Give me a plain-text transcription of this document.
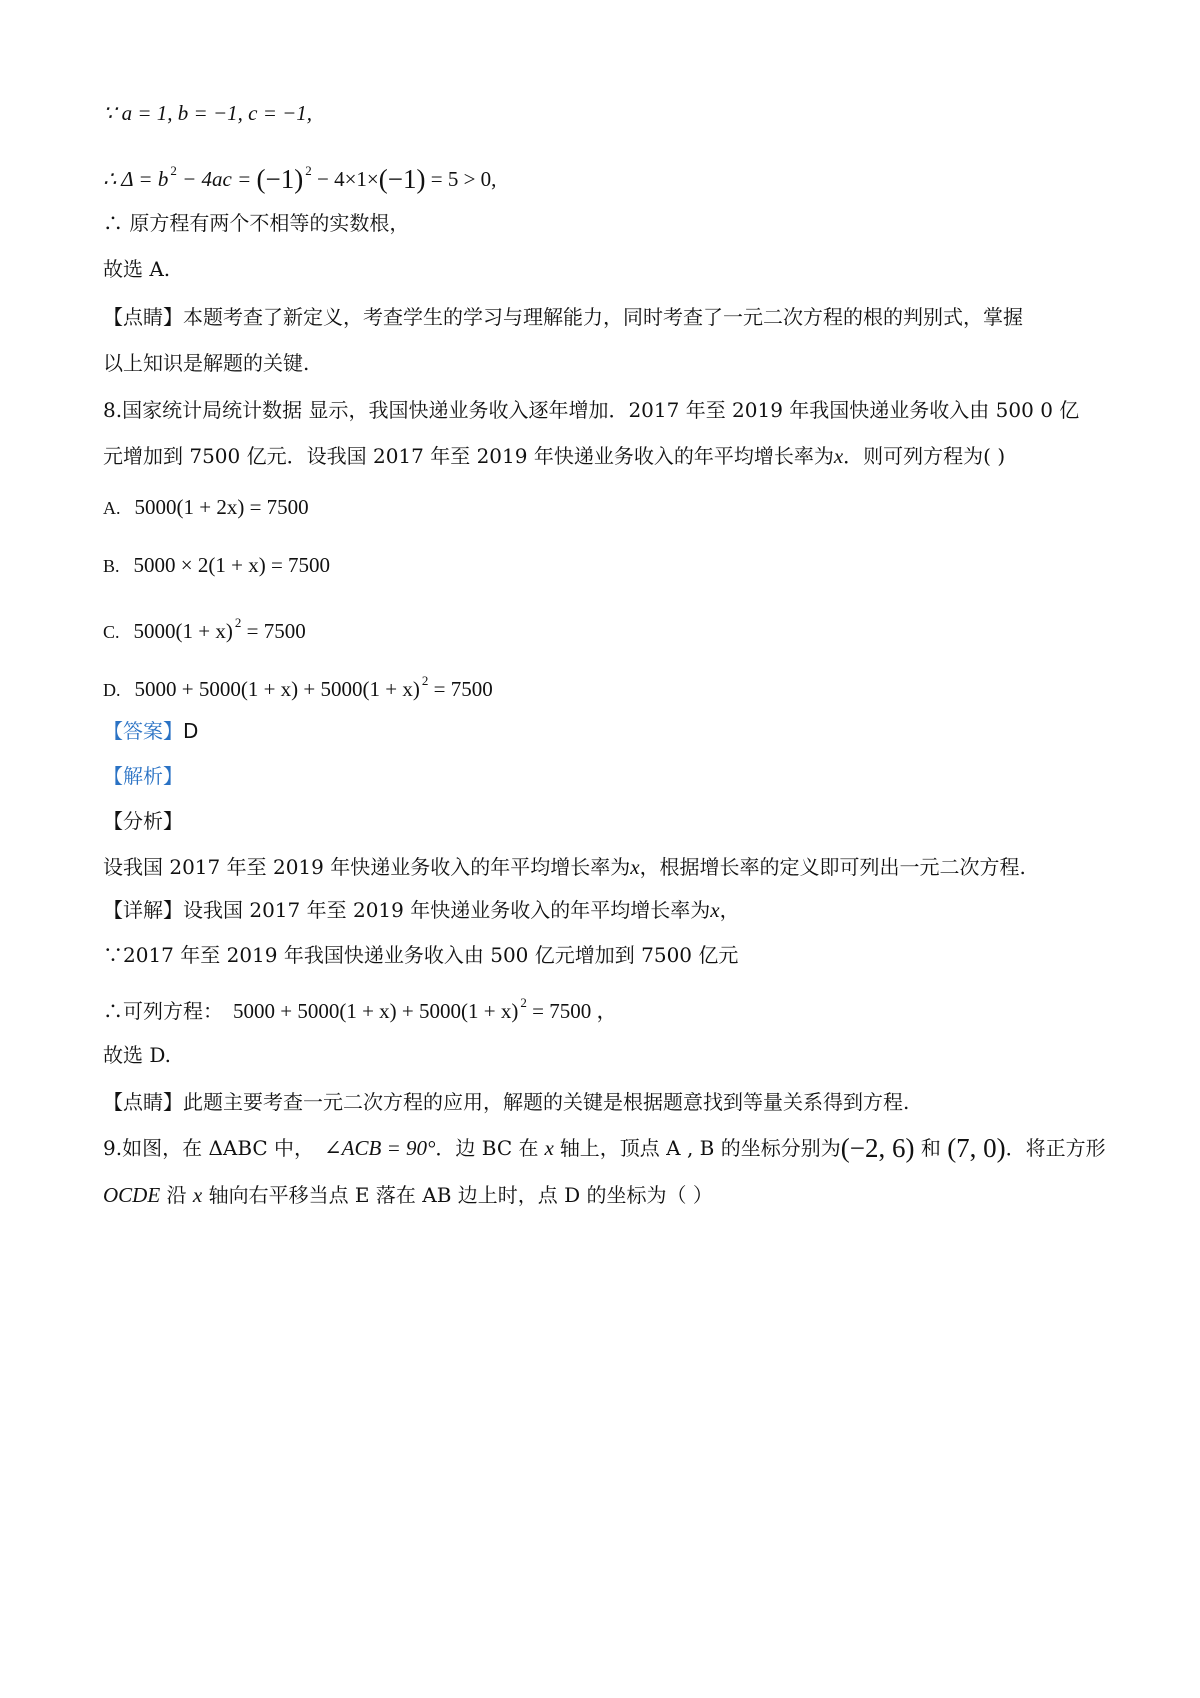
∵ a = 1, b = −1, c = −1,
∴ Δ = b $^2$ − 4ac = (−1) $^2$ − 4×1×(−1) = 5 > 0,
∴ 原方程有两个不相等的实数根，
故选 A.
【点睛】本题考查了新定义，考查学生的学习与理解能力，同时考查了一元二次方程的根的判别式，掌握
以上知识是解题的关键.
8.国家统计局统计数据 显示，我国快递业务收入逐年增加．2017 年至 2019 年我国快递业务收入由 500 0 亿
元增加到 7500 亿元．设我国 2017 年至 2019 年快递业务收入的年平均增长率为x．则可列方程为( )
A. 5000(1 + 2x) = 7500
B. 5000 × 2(1 + x) = 7500
C. 5000(1 + x) $^2$ = 7500
D. 5000 + 5000(1 + x) + 5000(1 + x) $^2$ = 7500
【答案】D
【解析】
【分析】
设我国 2017 年至 2019 年快递业务收入的年平均增长率为x，根据增长率的定义即可列出一元二次方程.
【详解】设我国 2017 年至 2019 年快递业务收入的年平均增长率为x，
∵2017 年至 2019 年我国快递业务收入由 500 亿元增加到 7500 亿元
∴可列方程： 5000 + 5000(1 + x) + 5000(1 + x) $^2$ = 7500 ，
故选 D.
【点睛】此题主要考查一元二次方程的应用，解题的关键是根据题意找到等量关系得到方程.
9.如图，在 ΔABC 中， ∠ACB = 90°．边 BC 在 x 轴上，顶点 A , B 的坐标分别为(−2, 6) 和 (7, 0)．将正方形
OCDE 沿 x 轴向右平移当点 E 落在 AB 边上时，点 D 的坐标为（ ）
